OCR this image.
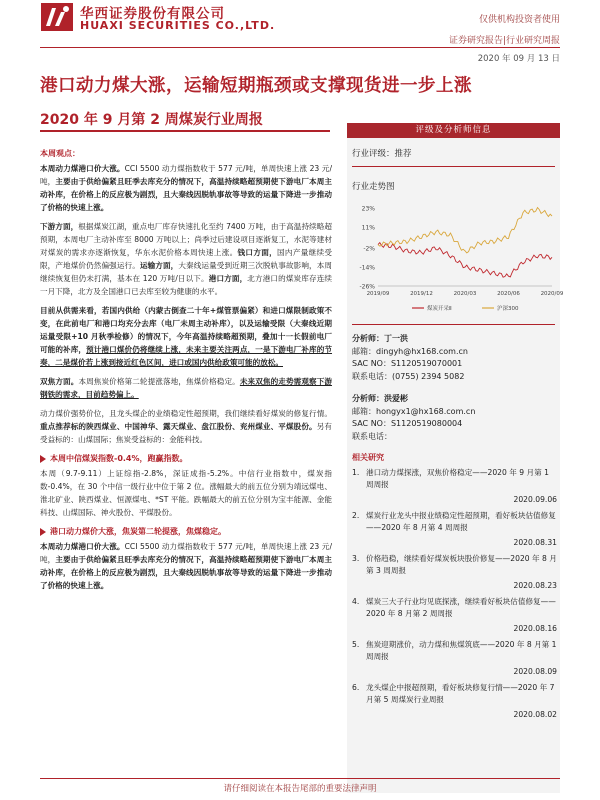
华西证券股份有限公司
HUAXI SECURITIES CO.,LTD.	仅供机构投资者使用
证券研究报告|行业研究周报
2020 年 09 月 13 日
港口动力煤大涨，运输短期瓶颈或支撑现货进一步上涨
2020 年 9 月第 2 周煤炭行业周报
本周观点：

本周动力煤港口价大涨。CCI 5500 动力煤指数收于 577 元/吨，单周快速上涨 23 元/吨，主要由于供给偏紧且旺季去库充分的情况下，高温持续略超预期使下游电厂本周主动补库，在价格上的反应极为剧烈，且大秦线因脱轨事故等导致的运量下降进一步推动了价格的快速上涨。

下游方面，根据煤炭江湖，重点电厂库存快速扎化至约 7400 万吨，由于高温持续略超预期，本周电厂主动补库至 8000 万吨以上；尚季过后建设项目逐渐复工，水泥等建材对煤炭的需求亦逐渐恢复，华东水泥价格本周快速上涨。钱口方面，国内产量继续受限，产地煤价仍然偏强运行。运输方面，大秦线运量受到近期三次脱轨事故影响，本周继续恢复但仍未打满，基本在 120 万吨/日以下。港口方面，北方港口的煤炭库存连续一月下降，北方及全国港口已去库至较为健康的水平。

目前从供需来看，若国内供给（内蒙古倒查二十年+煤管票偏紧）和进口煤限制政策不变，在此前电厂和港口均充分去库（电厂未周主动补库），以及运输受限（大秦线近期运量受限+10 月秋季检修）的情况下，今年高温持续略超预期，叠加十一长假前电厂可能的补库，预计港口煤价仍将继续上涨，未来主要关注两点，一是下游电厂补库的节奏，二是煤价若上涨到接近红色区间，进口或国内供给政策可能的放松。

双焦方面。本周焦炭价格第二轮提涨落地，焦煤价格稳定。未来双焦的走势需观察下游钢铁的需求，目前趋势偏上。

动力煤价强势价位，且龙头煤企的业绩稳定性超预期，我们继续看好煤炭的修复行情。重点推荐标的陕西煤业、中国神华、露天煤业、盘江股份、兖州煤业、平煤股份。另有受益标的：山煤国际；焦炭受益标的：金能科技。

本周中信煤炭指数-0.4%，跑赢指数。

本周（9.7-9.11）上证综指-2.8%，深证成指-5.2%。中信行业指数中，煤炭指数-0.4%，在 30 个中信一级行业中位于第 2 位。涨幅最大的前五位分别为靖远煤电、淮北矿业、陕西煤业、恒源煤电、*ST 平能。跌幅最大的前五位分别为宝丰能源、金能科技、山煤国际、神火股份、平煤股份。

港口动力煤价大涨，焦炭第二轮提涨，焦煤稳定。

本周动力煤港口价大涨。CCI 5500 动力煤指数收于 577 元/吨，单周快速上涨 23 元/吨，主要由于供给偏紧且旺季去库充分的情况下，高温持续略超预期使下游电厂本周主动补库，在价格上的反应极为剧烈，且大秦线因脱轨事故等导致的运量下降进一步推动了价格的快速上涨。

评级及分析师信息
行业评级：推荐
行业走势图
23%
11%
-2%
-14%
-26%
2019/09	2019/12	2020/03	2020/06	2020/09
煤炭开采Ⅱ	沪深300
分析师：丁一洪
邮箱：dingyh@hx168.com.cn
SAC NO：S1120519070001
联系电话：(0755) 2394 5082
分析师：洪爱彬
邮箱：hongyx1@hx168.com.cn
SAC NO：S1120519080004
联系电话：
相关研究
1. 港口动力煤探涨，双焦价格稳定——2020 年 9 月第 1 周周报
2020.09.06
2. 煤炭行业龙头中报业绩稳定性超预期，看好板块估值修复——2020 年 8 月第 4 周周报
2020.08.31
3. 价格趋稳，继续看好煤炭板块股价修复——2020 年 8 月第 3 周周报
2020.08.23
4. 煤炭三大子行业均见底探涨，继续看好板块估值修复——2020 年 8 月第 2 周周报
2020.08.16
5. 焦炭迎期涨价，动力煤和焦煤筑底——2020 年 8 月第 1 周周报
2020.08.09
6. 龙头煤企中报超预期，看好板块修复行情——2020 年 7 月第 5 周煤炭行业周报
2020.08.02
请仔细阅读在本报告尾部的重要法律声明
